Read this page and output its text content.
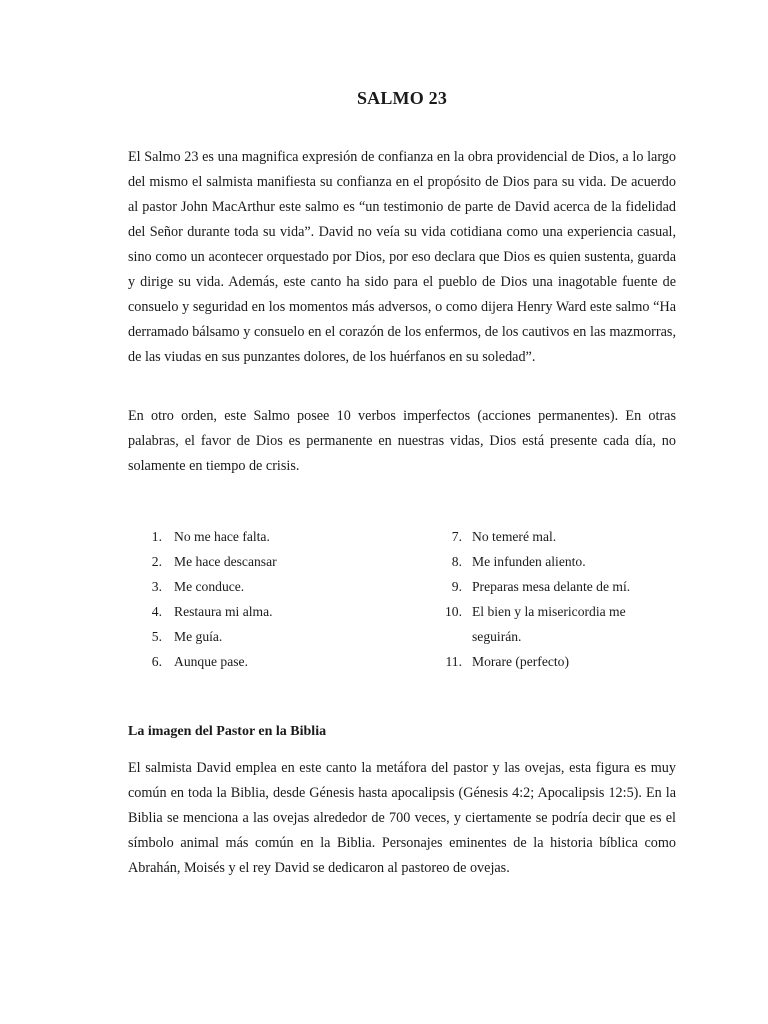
SALMO 23

El Salmo 23 es una magnifica expresión de confianza en la obra providencial de Dios, a lo largo del mismo el salmista manifiesta su confianza en el propósito de Dios para su vida. De acuerdo al pastor John MacArthur este salmo es “un testimonio de parte de David acerca de la fidelidad del Señor durante toda su vida”. David no veía su vida cotidiana como una experiencia casual, sino como un acontecer orquestado por Dios, por eso declara que Dios es quien sustenta, guarda y dirige su vida. Además, este canto ha sido para el pueblo de Dios una inagotable fuente de consuelo y seguridad en los momentos más adversos, o como dijera Henry Ward este salmo “Ha derramado bálsamo y consuelo en el corazón de los enfermos, de los cautivos en las mazmorras, de las viudas en sus punzantes dolores, de los huérfanos en su soledad”.

En otro orden, este Salmo posee 10 verbos imperfectos (acciones permanentes). En otras palabras, el favor de Dios es permanente en nuestras vidas, Dios está presente cada día, no solamente en tiempo de crisis.

1. No me hace falta.
2. Me hace descansar
3. Me conduce.
4. Restaura mi alma.
5. Me guía.
6. Aunque pase.
7. No temeré mal.
8. Me infunden aliento.
9. Preparas mesa delante de mí.
10. El bien y la misericordia me seguirán.
11. Morare (perfecto)
La imagen del Pastor en la Biblia

El salmista David emplea en este canto la metáfora del pastor y las ovejas, esta figura es muy común en toda la Biblia, desde Génesis hasta apocalipsis (Génesis 4:2; Apocalipsis 12:5). En la Biblia se menciona a las ovejas alrededor de 700 veces, y ciertamente se podría decir que es el símbolo animal más común en la Biblia. Personajes eminentes de la historia bíblica como Abrahán, Moisés y el rey David se dedicaron al pastoreo de ovejas.
